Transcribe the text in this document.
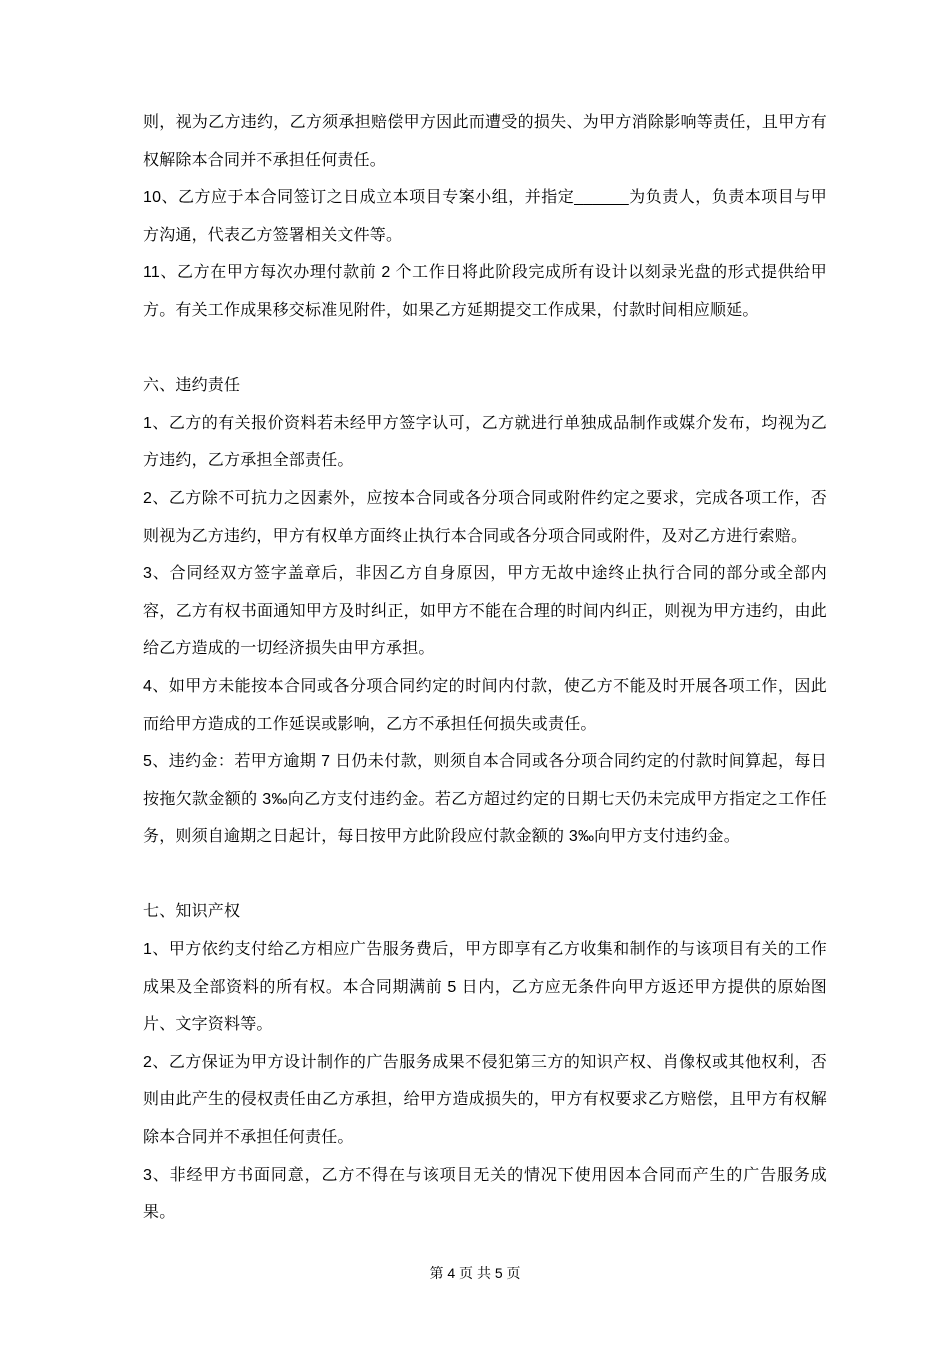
则，视为乙方违约，乙方须承担赔偿甲方因此而遭受的损失、为甲方消除影响等责任，且甲方有权解除本合同并不承担任何责任。

10、乙方应于本合同签订之日成立本项目专案小组，并指定______为负责人，负责本项目与甲方沟通，代表乙方签署相关文件等。

11、乙方在甲方每次办理付款前 2 个工作日将此阶段完成所有设计以刻录光盘的形式提供给甲方。有关工作成果移交标准见附件，如果乙方延期提交工作成果，付款时间相应顺延。

六、违约责任

1、乙方的有关报价资料若未经甲方签字认可，乙方就进行单独成品制作或媒介发布，均视为乙方违约，乙方承担全部责任。

2、乙方除不可抗力之因素外，应按本合同或各分项合同或附件约定之要求，完成各项工作，否则视为乙方违约，甲方有权单方面终止执行本合同或各分项合同或附件，及对乙方进行索赔。

3、合同经双方签字盖章后，非因乙方自身原因，甲方无故中途终止执行合同的部分或全部内容，乙方有权书面通知甲方及时纠正，如甲方不能在合理的时间内纠正，则视为甲方违约，由此给乙方造成的一切经济损失由甲方承担。

4、如甲方未能按本合同或各分项合同约定的时间内付款，使乙方不能及时开展各项工作，因此而给甲方造成的工作延误或影响，乙方不承担任何损失或责任。

5、违约金：若甲方逾期 7 日仍未付款，则须自本合同或各分项合同约定的付款时间算起，每日按拖欠款金额的 3‰向乙方支付违约金。若乙方超过约定的日期七天仍未完成甲方指定之工作任务，则须自逾期之日起计，每日按甲方此阶段应付款金额的 3‰向甲方支付违约金。

七、知识产权

1、甲方依约支付给乙方相应广告服务费后，甲方即享有乙方收集和制作的与该项目有关的工作成果及全部资料的所有权。本合同期满前 5 日内，乙方应无条件向甲方返还甲方提供的原始图片、文字资料等。

2、乙方保证为甲方设计制作的广告服务成果不侵犯第三方的知识产权、肖像权或其他权利，否则由此产生的侵权责任由乙方承担，给甲方造成损失的，甲方有权要求乙方赔偿，且甲方有权解除本合同并不承担任何责任。

3、非经甲方书面同意，乙方不得在与该项目无关的情况下使用因本合同而产生的广告服务成果。

第 4 页 共 5 页
